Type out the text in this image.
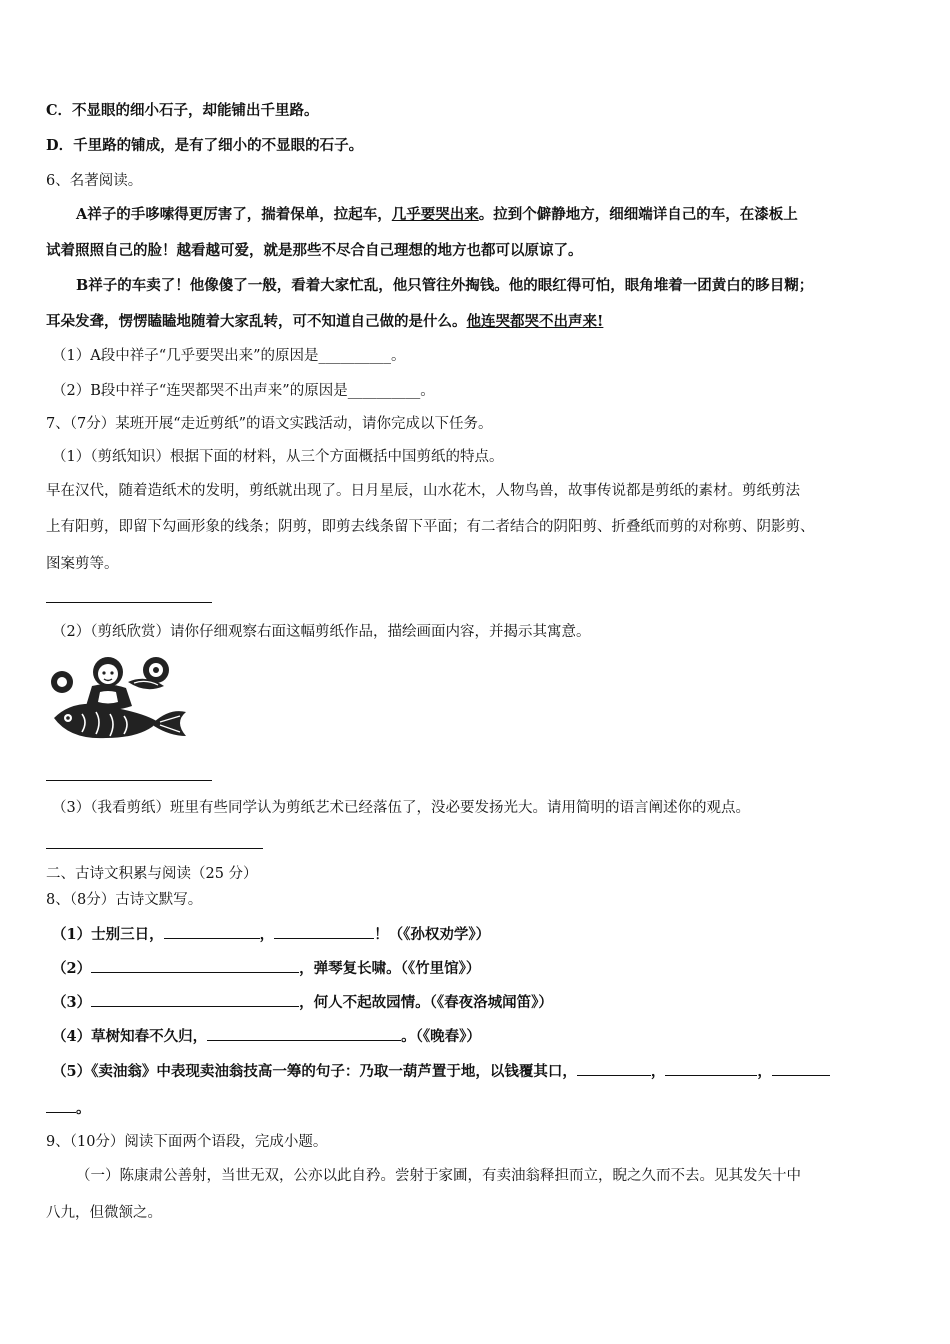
C．不显眼的细小石子，却能铺出千里路。
D．千里路的铺成，是有了细小的不显眼的石子。
6、名著阅读。
A祥子的手哆嗦得更厉害了，揣着保单，拉起车，几乎要哭出来。拉到个僻静地方，细细端详自己的车，在漆板上
试着照照自己的脸！越看越可爱，就是那些不尽合自己理想的地方也都可以原谅了。
B祥子的车卖了！他像傻了一般，看着大家忙乱，他只管往外掏钱。他的眼红得可怕，眼角堆着一团黄白的眵目糊；
耳朵发聋，愣愣瞌瞌地随着大家乱转，可不知道自己做的是什么。他连哭都哭不出声来!
（1）A段中祥子“几乎要哭出来”的原因是__________。
（2）B段中祥子“连哭都哭不出声来”的原因是__________。
7、（7分）某班开展“走近剪纸”的语文实践活动，请你完成以下任务。
（1）（剪纸知识）根据下面的材料，从三个方面概括中国剪纸的特点。
早在汉代，随着造纸术的发明，剪纸就出现了。日月星辰，山水花木，人物鸟兽，故事传说都是剪纸的素材。剪纸剪法
上有阳剪，即留下勾画形象的线条；阴剪，即剪去线条留下平面；有二者结合的阴阳剪、折叠纸而剪的对称剪、阴影剪、
图案剪等。
（2）（剪纸欣赏）请你仔细观察右面这幅剪纸作品，描绘画面内容，并揭示其寓意。
（3）（我看剪纸）班里有些同学认为剪纸艺术已经落伍了，没必要发扬光大。请用简明的语言阐述你的观点。
二、古诗文积累与阅读（25 分）
8、（8分）古诗文默写。
（1）士别三日，	，	！（《孙权劝学》）
（2）	，弹琴复长啸。（《竹里馆》）
（3）	，何人不起故园情。（《春夜洛城闻笛》）
（4）草树知春不久归，	。（《晚春》）
（5）《卖油翁》中表现卖油翁技高一筹的句子：乃取一葫芦置于地，以钱覆其口，	，	，
。
9、（10分）阅读下面两个语段，完成小题。
（一）陈康肃公善射，当世无双，公亦以此自矜。尝射于家圃，有卖油翁释担而立，睨之久而不去。见其发矢十中
八九，但微颔之。
